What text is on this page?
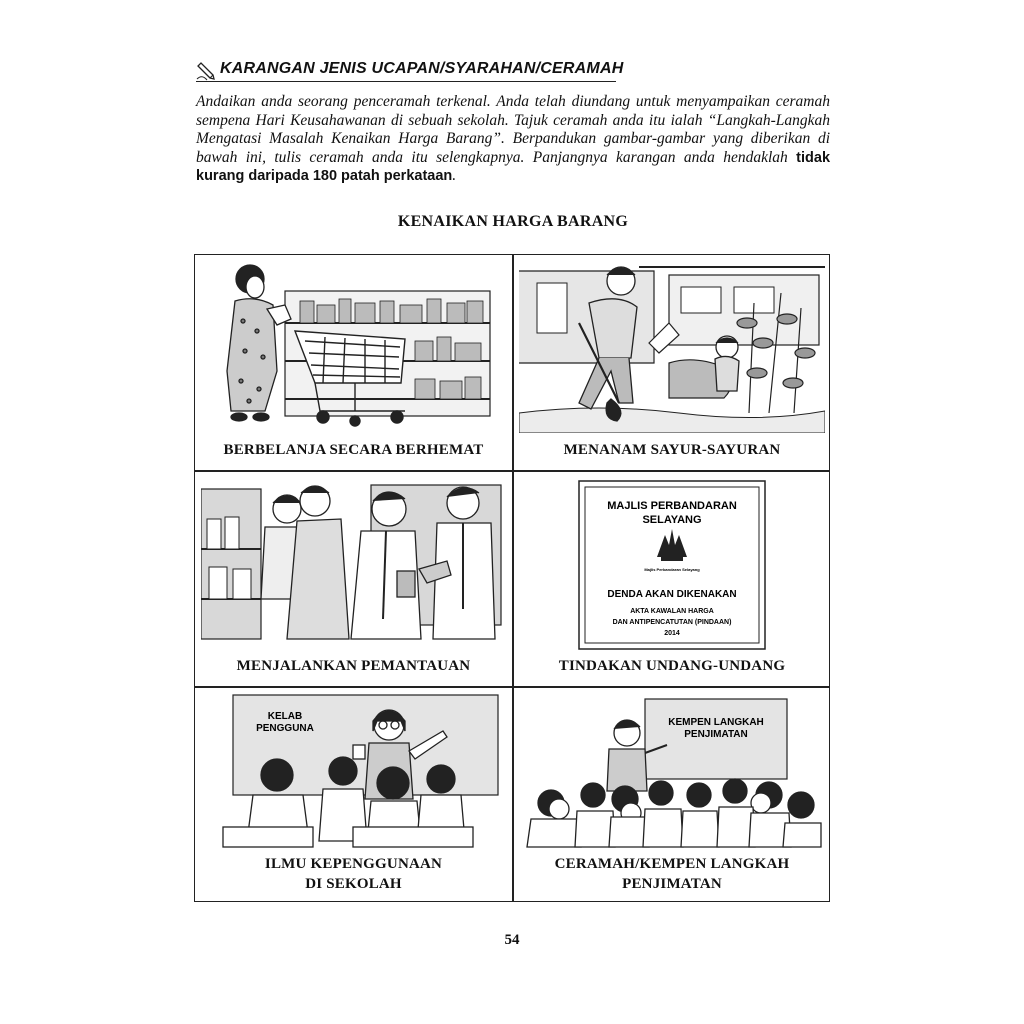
KARANGAN JENIS UCAPAN/SYARAHAN/CERAMAH
Andaikan anda seorang penceramah terkenal. Anda telah diundang untuk menyampaikan ceramah sempena Hari Keusahawanan di sebuah sekolah. Tajuk ceramah anda itu ialah “Langkah-Langkah Mengatasi Masalah Kenaikan Harga Barang”. Berpandukan gambar-gambar yang diberikan di bawah ini, tulis ceramah anda itu selengkapnya. Panjangnya karangan anda hendaklah tidak kurang daripada 180 patah perkataan.
KENAIKAN HARGA BARANG
BERBELANJA SECARA BERHEMAT	MENANAM SAYUR-SAYURAN
MENJALANKAN PEMANTAUAN
MAJLIS PERBANDARAN
SELAYANG
Majlis Perbandaran Selayang
DENDA AKAN DIKENAKAN
AKTA KAWALAN HARGA
DAN ANTIPENCATUTAN (PINDAAN)
2014
TINDAKAN UNDANG-UNDANG
KELAB
PENGGUNA
ILMU KEPENGGUNAAN
DI SEKOLAH
KEMPEN LANGKAH
PENJIMATAN
CERAMAH/KEMPEN LANGKAH
PENJIMATAN
54
